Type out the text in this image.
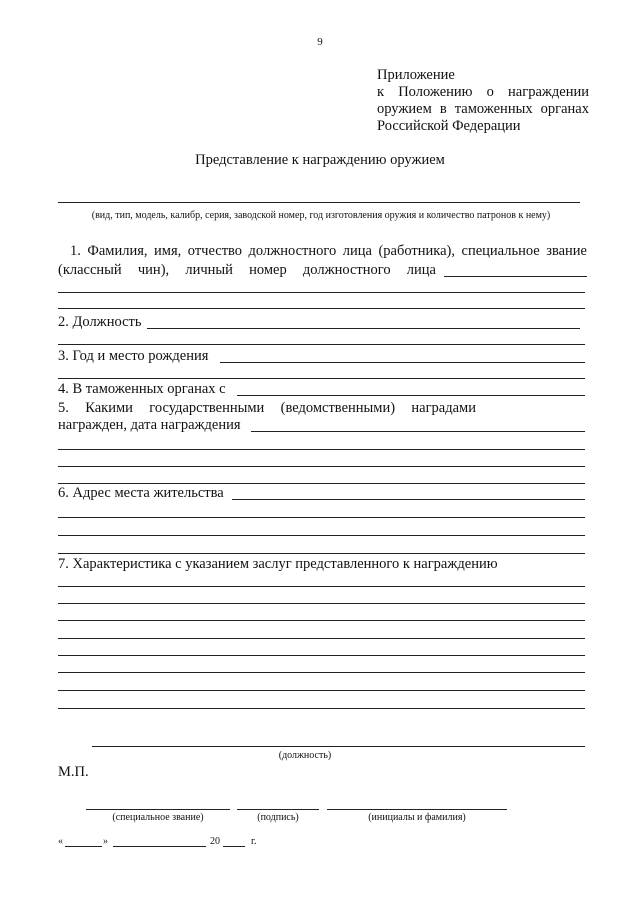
9
Приложение
к Положению о награждении
оружием в таможенных органах
Российской Федерации
Представление к награждению оружием
(вид, тип, модель, калибр, серия, заводской номер, год изготовления оружия и количество патронов к нему)
1. Фамилия, имя, отчество должностного лица (работника), специальное звание
(классный чин), личный номер должностного лица
2. Должность
3. Год и место рождения
4. В таможенных органах с
5. Какими государственными (ведомственными) наградами
награжден, дата награждения
6. Адрес места жительства
7. Характеристика с указанием заслуг представленного к награждению
(должность)
М.П.
(специальное звание)	(подпись)	(инициалы и фамилия)
«	»	20	г.
